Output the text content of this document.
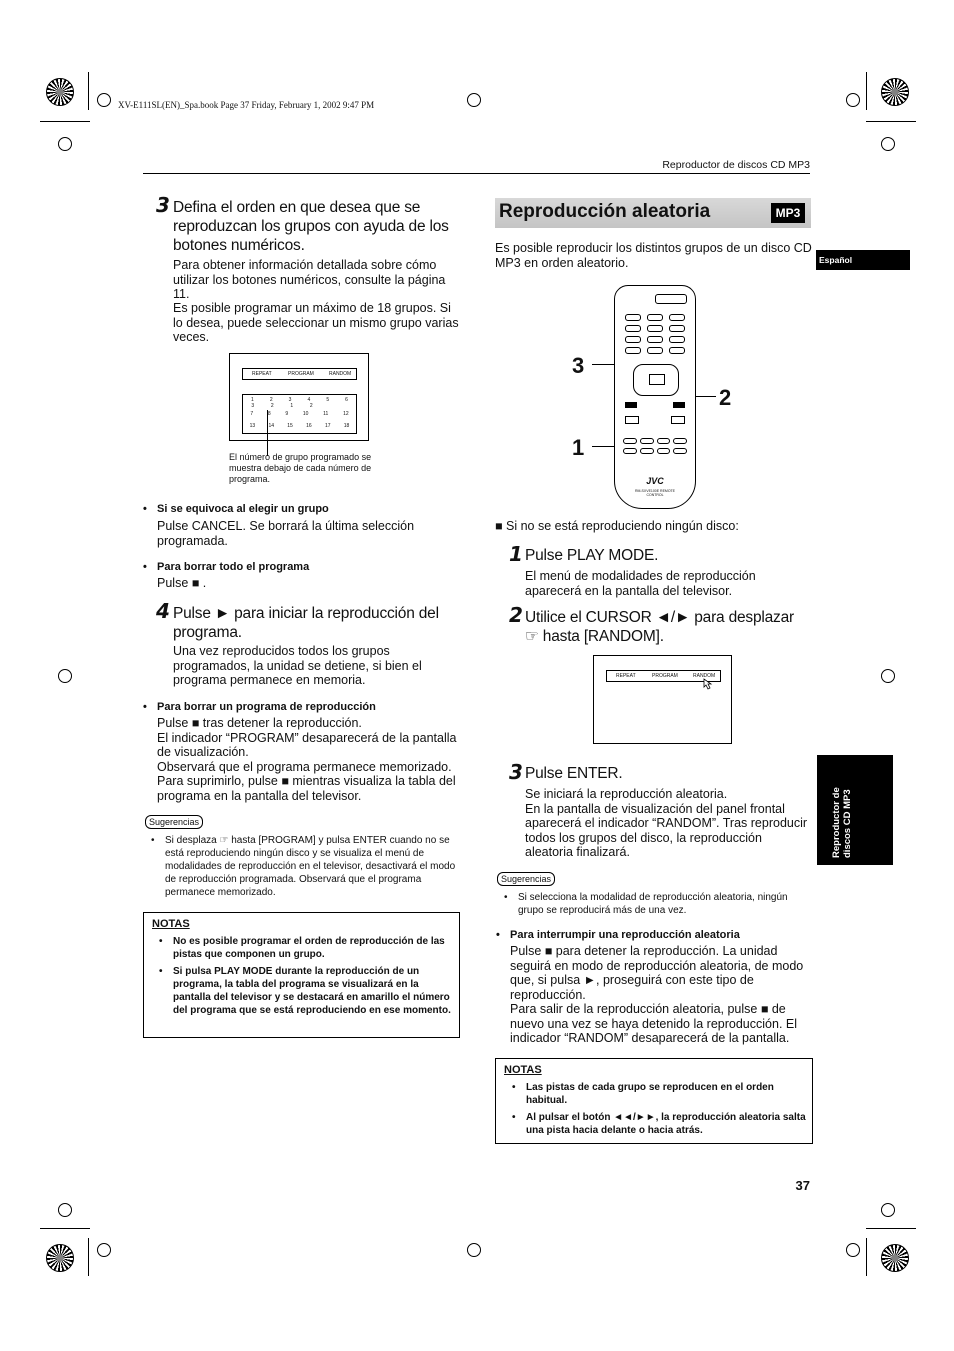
XV-E111SL(EN)_Spa.book Page 37 Friday, February 1, 2002 9:47 PM
Reproductor de discos CD MP3
Español
Reproductor de discos CD MP3
3 Defina el orden en que desea que se reproduzcan los grupos con ayuda de los botones numéricos.
Para obtener información detallada sobre cómo utilizar los botones numéricos, consulte la página 11.
Es posible programar un máximo de 18 grupos. Si lo desea, puede seleccionar un mismo grupo varias veces.
REPEAT	PROGRAM	RANDOM
1	2	3	4	5	6
3	2	1	2
7	8	9	10	11	12
13	14	15	16	17	18
El número de grupo programado se muestra debajo de cada número de programa.
• Si se equivoca al elegir un grupo
Pulse CANCEL. Se borrará la última selección programada.
• Para borrar todo el programa
Pulse ■ .
4 Pulse ► para iniciar la reproducción del programa.
Una vez reproducidos todos los grupos programados, la unidad se detiene, si bien el programa permanece en memoria.
• Para borrar un programa de reproducción
Pulse ■ tras detener la reproducción.
El indicador “PROGRAM” desaparecerá de la pantalla de visualización.
Observará que el programa permanece memorizado.
Para suprimirlo, pulse ■ mientras visualiza la tabla del programa en la pantalla del televisor.
Sugerencias
• Si desplaza ☞ hasta [PROGRAM] y pulsa ENTER cuando no se está reproduciendo ningún disco y se visualiza el menú de modalidades de reproducción en el televisor, desactivará el modo de reproducción programada. Observará que el programa permanece memorizado.
NOTAS
• No es posible programar el orden de reproducción de las pistas que componen un grupo.
• Si pulsa PLAY MODE durante la reproducción de un programa, la tabla del programa se visualizará en la pantalla del televisor y se destacará en amarillo el número del programa que se está reproduciendo en ese momento.
Reproducción aleatoria	MP3
Es posible reproducir los distintos grupos de un disco CD MP3 en orden aleatorio.
3
2
1
JVC
RM-SXVE100E REMOTE CONTROL
■ Si no se está reproduciendo ningún disco:
1 Pulse PLAY MODE.
El menú de modalidades de reproducción aparecerá en la pantalla del televisor.
2 Utilice el CURSOR ◄/► para desplazar ☞ hasta [RANDOM].
REPEAT	PROGRAM	RANDOM
3 Pulse ENTER.
Se iniciará la reproducción aleatoria.
En la pantalla de visualización del panel frontal aparecerá el indicador “RANDOM”. Tras reproducir todos los grupos del disco, la reproducción aleatoria finalizará.
Sugerencias
• Si selecciona la modalidad de reproducción aleatoria, ningún grupo se reproducirá más de una vez.
• Para interrumpir una reproducción aleatoria
Pulse ■ para detener la reproducción. La unidad seguirá en modo de reproducción aleatoria, de modo que, si pulsa ►, proseguirá con este tipo de reproducción.
Para salir de la reproducción aleatoria, pulse ■ de nuevo una vez se haya detenido la reproducción. El indicador “RANDOM” desaparecerá de la pantalla.
NOTAS
• Las pistas de cada grupo se reproducen en el orden habitual.
• Al pulsar el botón ◄◄/►►, la reproducción aleatoria salta una pista hacia delante o hacia atrás.
37
